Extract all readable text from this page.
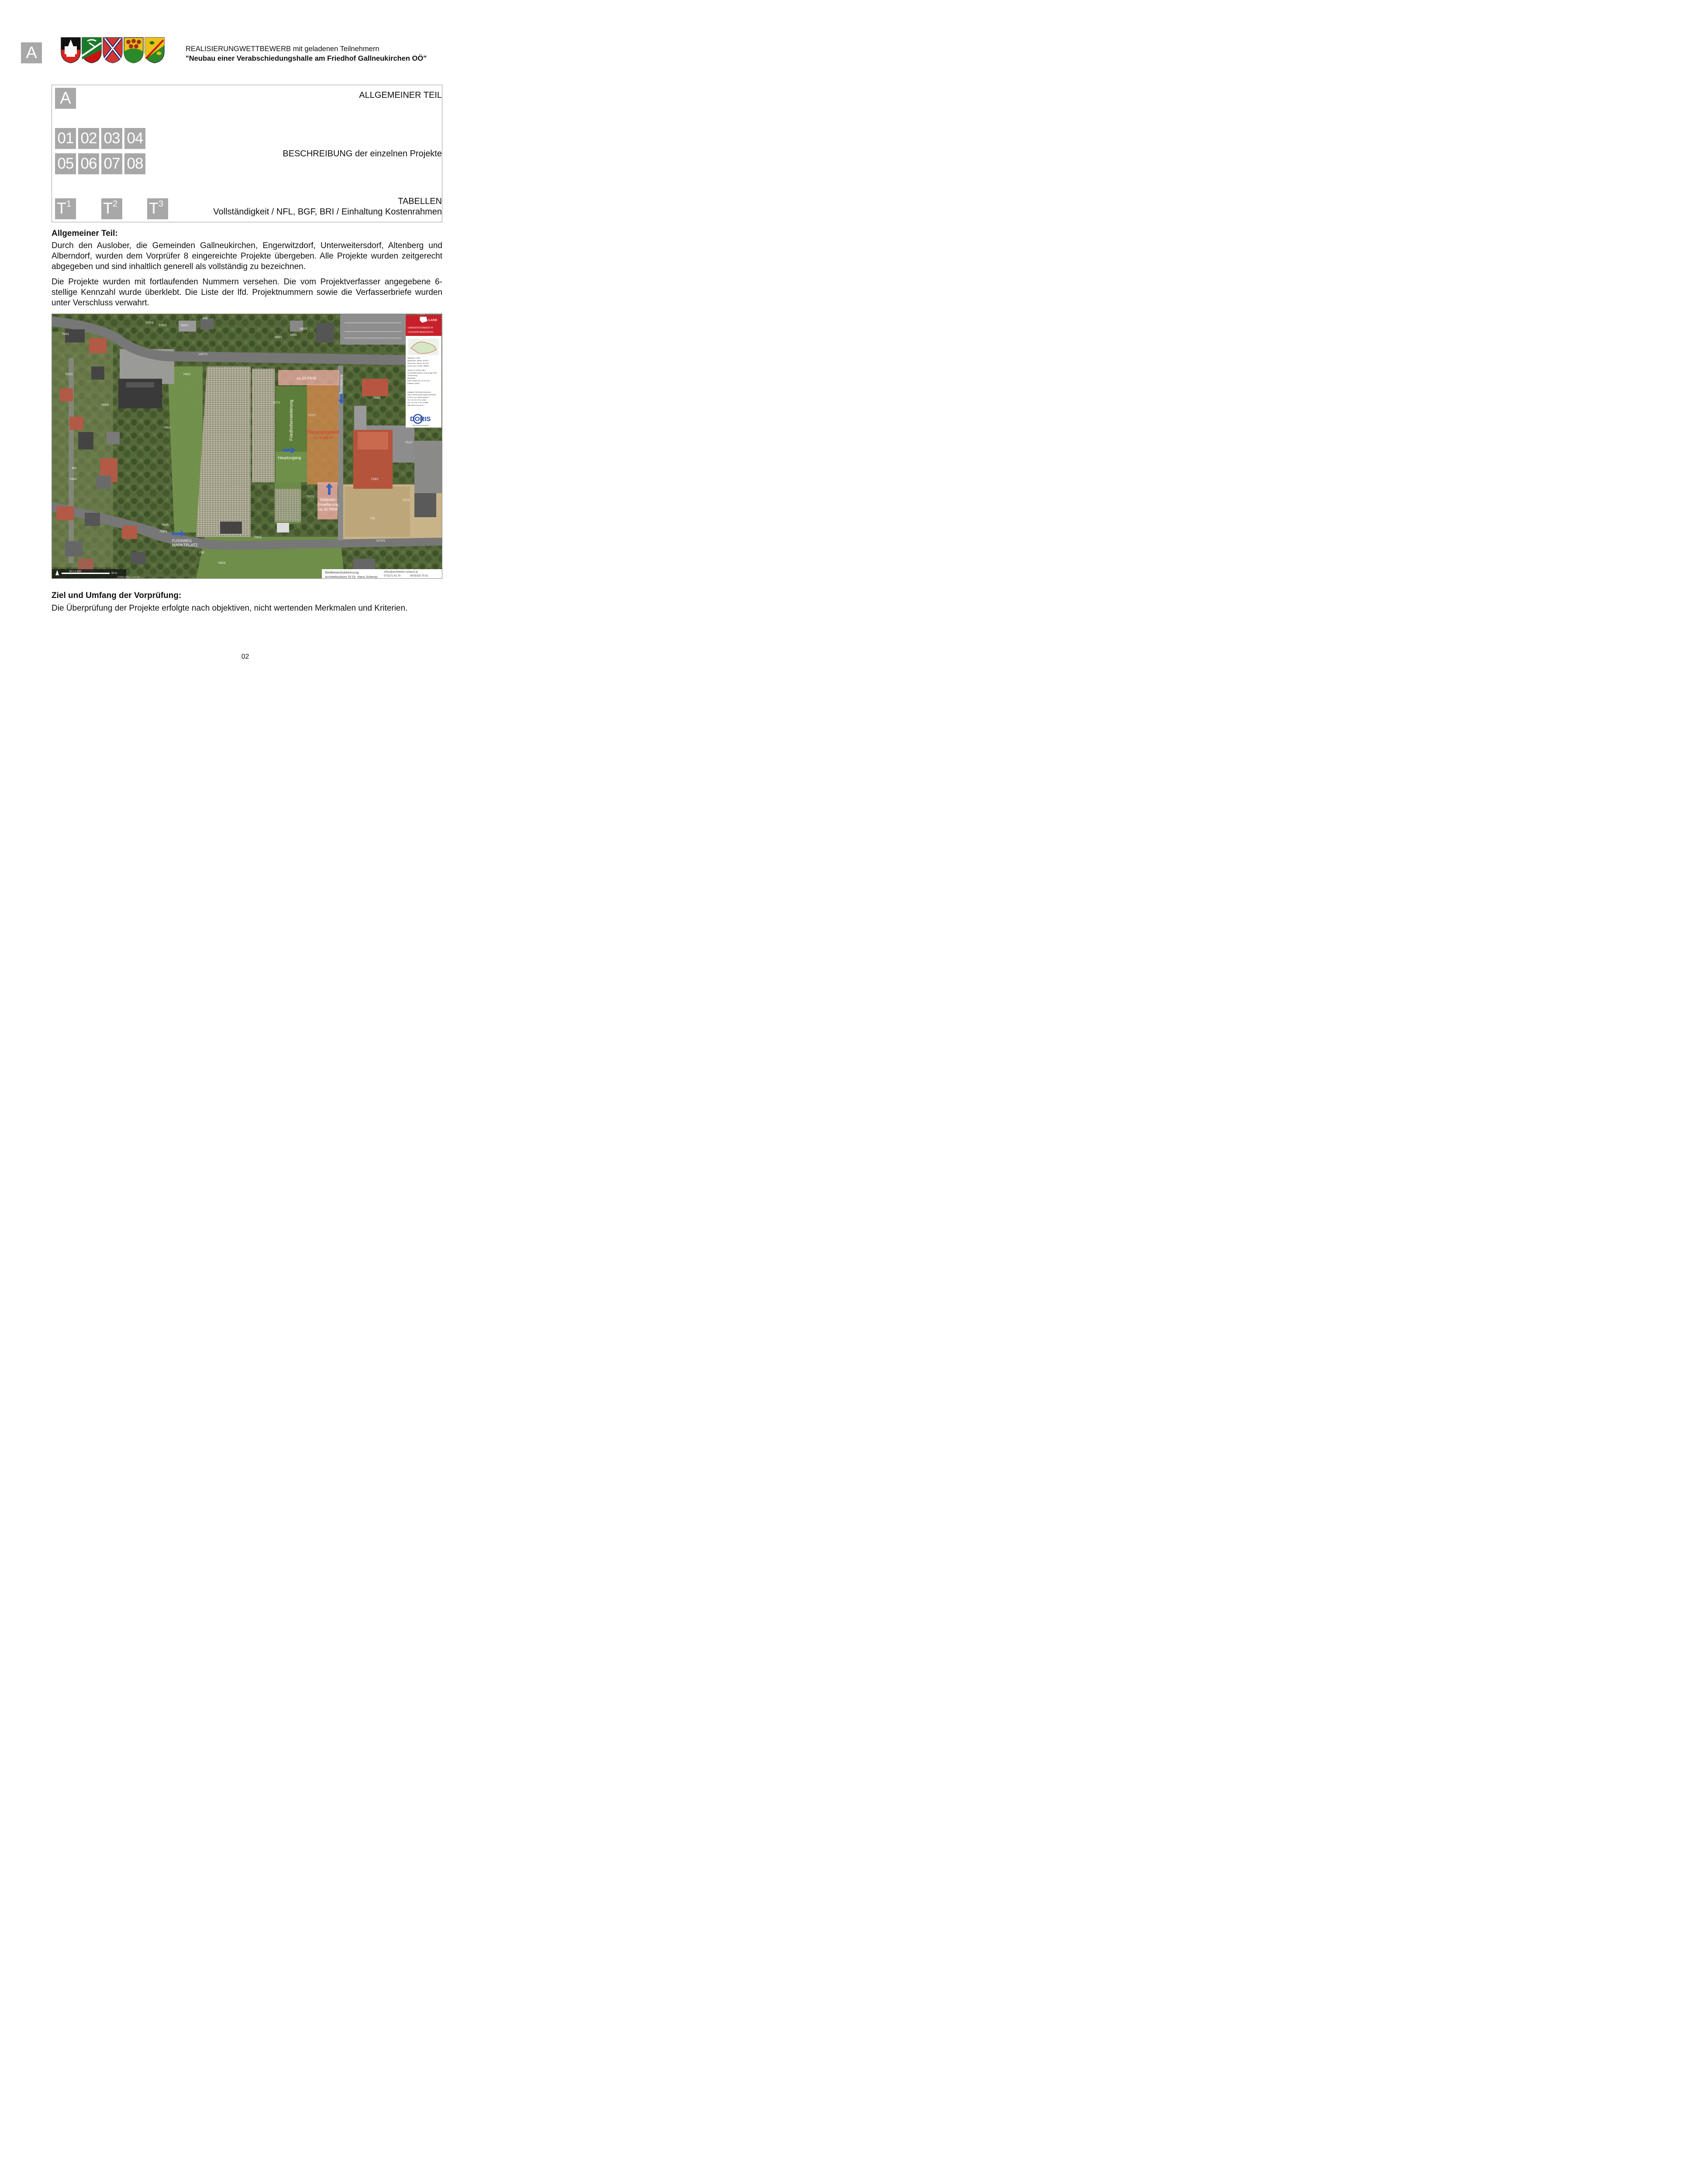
A	REALISIERUNGWETTBEWERB mit geladenen Teilnehmern
"Neubau einer Verabschiedungshalle am Friedhof Gallneukirchen OÖ"
A	ALLGEMEINER TEIL
01 02 03 04
05 06 07 08
BESCHREIBUNG der einzelnen Projekte
$T^1$ $T^2$ $T^3$	TABELLEN
Vollständigkeit / NFL, BGF, BRI / Einhaltung Kostenrahmen
Allgemeiner Teil:
Durch den Auslober, die Gemeinden Gallneukirchen, Engerwitzdorf, Unterweitersdorf, Altenberg und Alberndorf, wurden dem Vorprüfer 8 eingereichte Projekte übergeben. Alle Projekte wurden zeitgerecht abgegeben und sind inhaltlich generell als vollständig zu bezeichnen.
Die Projekte wurden mit fortlaufenden Nummern versehen. Die vom Projektverfasser angegebene 6-stellige Kennzahl wurde überklebt. Die Liste der lfd. Projektnummern sowie die Verfasserbriefe wurden unter Verschluss verwahrt.
ca 20 PKW	Anlieferung
Friedhofserweiterung	Planungsgebiet
Ca. 4.585 m²
Hauptzugang
Stellplatz-
Erweiterung
ca 30 PKW
FUSSWEG
MARKTPLATZ
1457/1
1470/1
745/1
745/2
749/3
749/2
752/2
755/3
755/5
759/3
760/3
727/1
731/2
733/1
733/2
731/3
734
737/1
737/2
238
482
1550
589/3
585/1
500/1
488
579/3
576/3
754/1
LAND
OBERÖSTERREICH
GEOINFORMATION
Maßstab 1:1000
Mittelpunkt: 80635; 357874
links unten: 80644; 357745
rechts oben: 81026; 358003
Quellen © DORIS, BEV
Koordinatensystem Gauß-Krüger M31
Verwendung:
Bearbeiter:
Karte erstellt am: 29.10.2014
Kataster (DKM)
Digitales Oberösterreichisches
Raum-Informations-System [DORIS]
A-4021 Linz, Bahnhofplatz 1
Tel +43 732-7720-12605
Fax +43 732-7720-212888
http://doris.ooe.gv.at
DORIS
http://doris.ooe.gv.at
M 1:1.000
50 m
DORIS 2013, Land Oö
Wettbewerbsbetreuung
Architekturbüro DI Dr. Hans Scheutz
office@architektur-scheutz.at
0732/71 61 70	0676/320 70 81
Ziel und Umfang der Vorprüfung:
Die Überprüfung der Projekte erfolgte nach objektiven, nicht wertenden Merkmalen und Kriterien.
02
